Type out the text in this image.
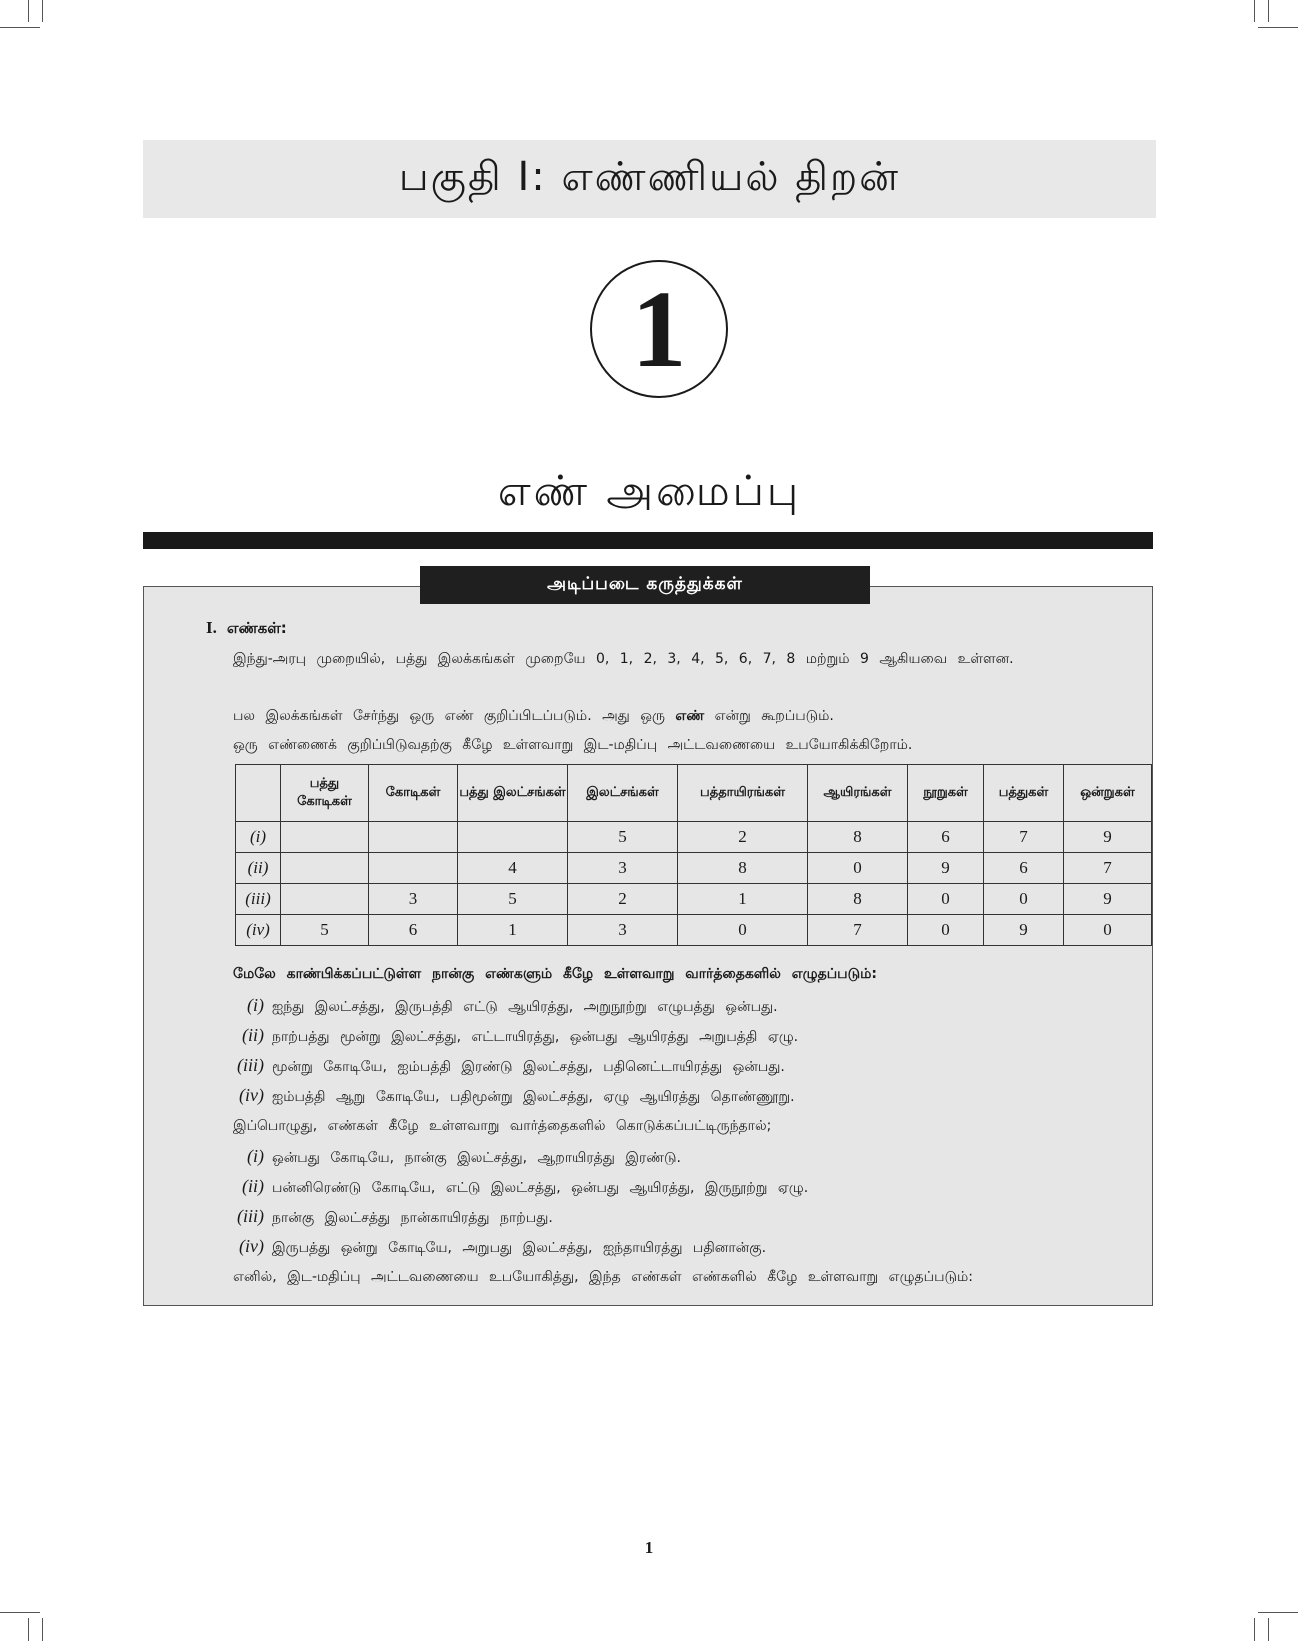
பகுதி I: எண்ணியல் திறன்
1
எண் அமைப்பு
அடிப்படை கருத்துக்கள்
I. எண்கள்:
இந்து-அரபு முறையில், பத்து இலக்கங்கள் முறையே 0, 1, 2, 3, 4, 5, 6, 7, 8 மற்றும் 9 ஆகியவை உள்ளன.
பல இலக்கங்கள் சேர்ந்து ஒரு எண் குறிப்பிடப்படும். அது ஒரு எண் என்று கூறப்படும்.
ஒரு எண்ணைக் குறிப்பிடுவதற்கு கீழே உள்ளவாறு இட-மதிப்பு அட்டவணையை உபயோகிக்கிறோம்.
	பத்து கோடிகள்	கோடிகள்	பத்து இலட்சங்கள்	இலட்சங்கள்	பத்தாயிரங்கள்	ஆயிரங்கள்	நூறுகள்	பத்துகள்	ஒன்றுகள்
(i)				5	2	8	6	7	9
(ii)			4	3	8	0	9	6	7
(iii)		3	5	2	1	8	0	0	9
(iv)	5	6	1	3	0	7	0	9	0
மேலே காண்பிக்கப்பட்டுள்ள நான்கு எண்களும் கீழே உள்ளவாறு வார்த்தைகளில் எழுதப்படும்:
(i) ஐந்து இலட்சத்து, இருபத்தி எட்டு ஆயிரத்து, அறுநூற்று எழுபத்து ஒன்பது.
(ii) நாற்பத்து மூன்று இலட்சத்து, எட்டாயிரத்து, ஒன்பது ஆயிரத்து அறுபத்தி ஏழு.
(iii) மூன்று கோடியே, ஐம்பத்தி இரண்டு இலட்சத்து, பதினெட்டாயிரத்து ஒன்பது.
(iv) ஐம்பத்தி ஆறு கோடியே, பதிமூன்று இலட்சத்து, ஏழு ஆயிரத்து தொண்ணூறு.
இப்பொழுது, எண்கள் கீழே உள்ளவாறு வார்த்தைகளில் கொடுக்கப்பட்டிருந்தால்;
(i) ஒன்பது கோடியே, நான்கு இலட்சத்து, ஆறாயிரத்து இரண்டு.
(ii) பன்னிரெண்டு கோடியே, எட்டு இலட்சத்து, ஒன்பது ஆயிரத்து, இருநூற்று ஏழு.
(iii) நான்கு இலட்சத்து நான்காயிரத்து நாற்பது.
(iv) இருபத்து ஒன்று கோடியே, அறுபது இலட்சத்து, ஐந்தாயிரத்து பதினான்கு.
எனில், இட-மதிப்பு அட்டவணையை உபயோகித்து, இந்த எண்கள் எண்களில் கீழே உள்ளவாறு எழுதப்படும்:
1
